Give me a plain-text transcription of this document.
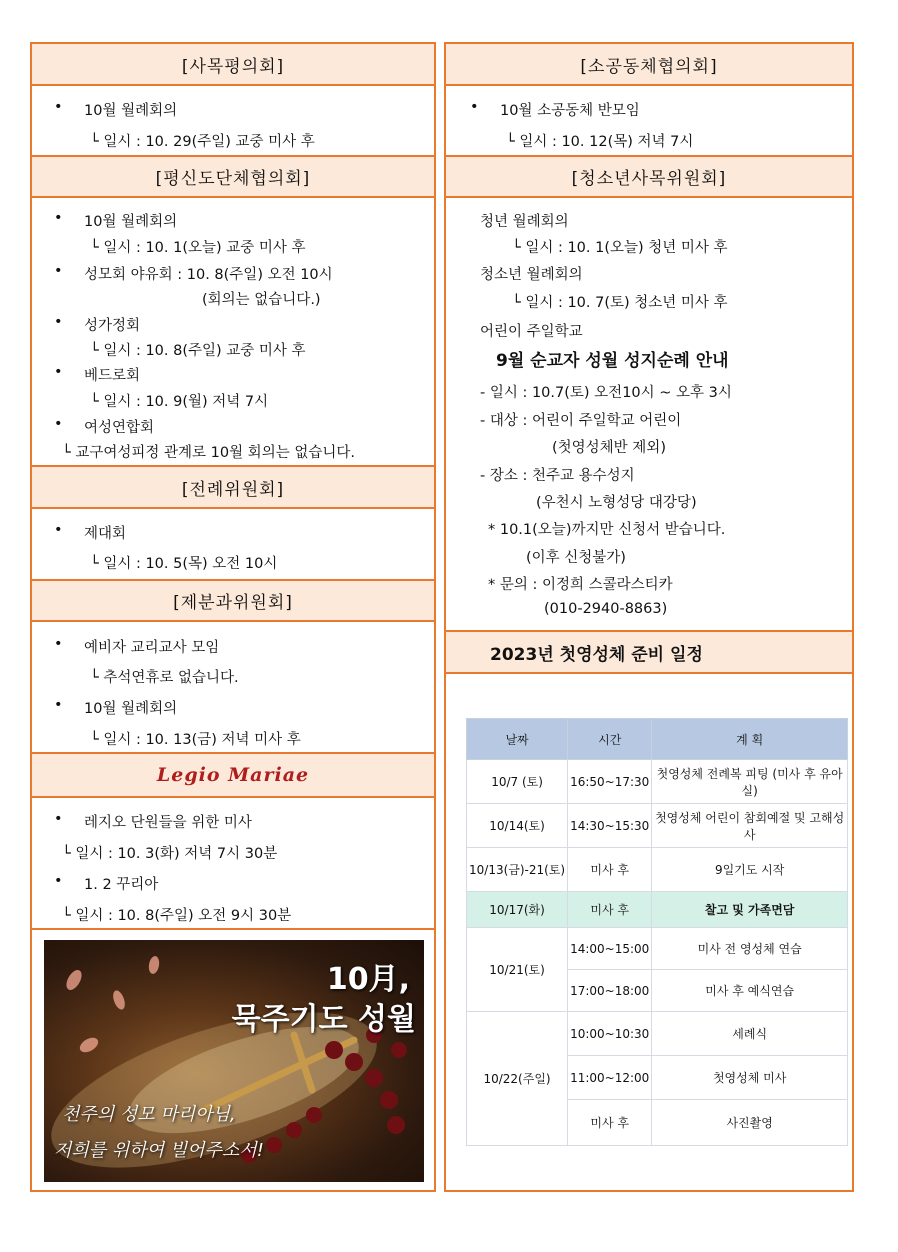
[사목평의회]
• 10월 월례회의
└ 일시 : 10. 29(주일) 교중 미사 후
[평신도단체협의회]
• 10월 월례회의
└ 일시 : 10. 1(오늘) 교중 미사 후
• 성모회 야유회 : 10. 8(주일) 오전 10시
(회의는 없습니다.)
• 성가정회
└ 일시 : 10. 8(주일) 교중 미사 후
• 베드로회
└ 일시 : 10. 9(월) 저녁 7시
• 여성연합회
└ 교구여성피정 관계로 10월 회의는 없습니다.
[전례위원회]
• 제대회
└ 일시 : 10. 5(목) 오전 10시
[제분과위원회]
• 예비자 교리교사 모임
└ 추석연휴로 없습니다.
• 10월 월례회의
└ 일시 : 10. 13(금) 저녁 미사 후
Legio Mariae
• 레지오 단원들을 위한 미사
└ 일시 : 10. 3(화) 저녁 7시 30분
• 1. 2 꾸리아
└ 일시 : 10. 8(주일) 오전 9시 30분
10月,
묵주기도 성월
천주의 성모 마리아님,
저희를 위하여 빌어주소서!
[소공동체협의회]
• 10월 소공동체 반모임
└ 일시 : 10. 12(목) 저녁 7시
[청소년사목위원회]
청년 월례회의
└ 일시 : 10. 1(오늘) 청년 미사 후
청소년 월례회의
└ 일시 : 10. 7(토) 청소년 미사 후
어린이 주일학교
9월 순교자 성월 성지순례 안내
- 일시 : 10.7(토) 오전10시 ~ 오후 3시
- 대상 : 어린이 주일학교 어린이
(첫영성체반 제외)
- 장소 : 천주교 용수성지
(우천시 노형성당 대강당)
* 10.1(오늘)까지만 신청서 받습니다.
(이후 신청불가)
* 문의 : 이정희 스콜라스티카
(010-2940-8863)
2023년 첫영성체 준비 일정
날짜	시간	계 획
10/7 (토)	16:50~17:30	첫영성체 전례복 피팅 (미사 후 유아실)
10/14(토)	14:30~15:30	첫영성체 어린이 참회예절 및 고해성사
10/13(금)-21(토)	미사 후	9일기도 시작
10/17(화)	미사 후	찰고 및 가족면담
10/21(토)	14:00~15:00	미사 전 영성체 연습
	17:00~18:00	미사 후 예식연습
10/22(주일)	10:00~10:30	세례식
	11:00~12:00	첫영성체 미사
	미사 후	사진촬영
